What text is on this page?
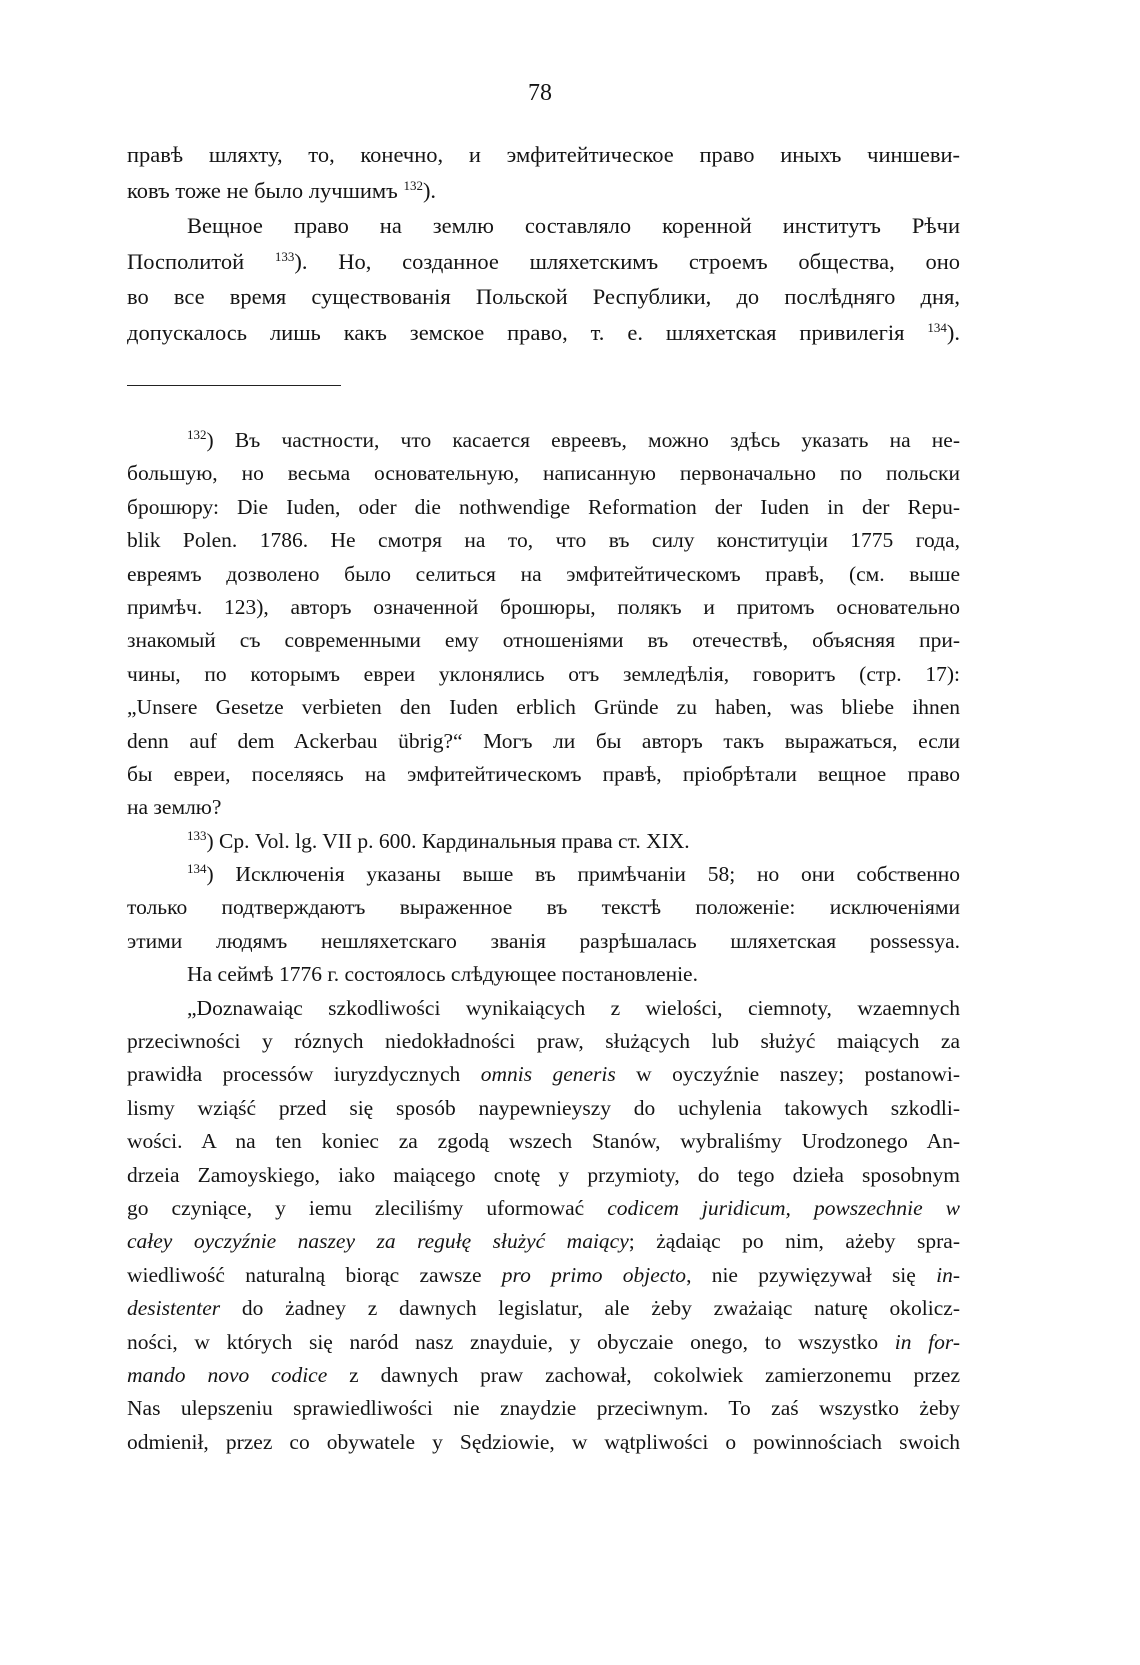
78
правѣ шляхту, то, конечно, и эмфитейтическое право иныхъ чиншеви-
ковъ тоже не было лучшимъ $^{132}$).
Вещное право на землю составляло коренной институтъ Рѣчи
Посполитой $^{133}$). Но, созданное шляхетскимъ строемъ общества, оно
во все время существованія Польской Республики, до послѣдняго дня,
допускалось лишь какъ земское право, т. е. шляхетская привилегія $^{134}$).
$^{132}$) Въ частности, что касается евреевъ, можно здѣсь указать на не-
большую, но весьма основательную, написанную первоначально по польски
брошюру: Die Iuden, oder die nothwendige Reformation der Iuden in der Repu-
blik Polen. 1786. Не смотря на то, что въ силу конституціи 1775 года,
евреямъ дозволено было селиться на эмфитейтическомъ правѣ, (см. выше
примѣч. 123), авторъ означенной брошюры, полякъ и притомъ основательно
знакомый съ современными ему отношеніями въ отечествѣ, объясняя при-
чины, по которымъ евреи уклонялись отъ земледѣлія, говоритъ (стр. 17):
„Unsere Gesetze verbieten den Iuden erblich Gründe zu haben, was bliebe ihnen
denn auf dem Ackerbau übrig?“ Могъ ли бы авторъ такъ выражаться, если
бы евреи, поселяясь на эмфитейтическомъ правѣ, пріобрѣтали вещное право
на землю?
$^{133}$) Ср. Vol. lg. VII p. 600. Кардинальныя права ст. XIX.
$^{134}$) Исключенія указаны выше въ примѣчаніи 58; но они собственно
только подтверждаютъ выраженное въ текстѣ положеніе: исключеніями
этими людямъ нешляхетскаго званія разрѣшалась шляхетская possessya.
На сеймѣ 1776 г. состоялось слѣдующее постановленіе.
„Doznawaiąc szkodliwości wynikaiących z wielości, ciemnoty, wzaemnych
przeciwności y róznych niedokładności praw, służących lub służyć maiących za
prawidła processów iuryzdycznych omnis generis w oyczyźnie naszey; postanowi-
lismy wziąść przed się sposób naypewnieyszy do uchylenia takowych szkodli-
wości. A na ten koniec za zgodą wszech Stanów, wybraliśmy Urodzonego An-
drzeia Zamoyskiego, iako maiącego cnotę y przymioty, do tego dzieła sposobnym
go czyniące, y iemu zleciliśmy uformować codicem juridicum, powszechnie w
całey oyczyźnie naszey za regułę służyć maiący; żądaiąc po nim, ażeby spra-
wiedliwość naturalną biorąc zawsze pro primo objecto, nie pzywięzywał się in-
desistenter do żadney z dawnych legislatur, ale żeby zważaiąc naturę okolicz-
ności, w których się naród nasz znayduie, y obyczaie onego, to wszystko in for-
mando novo codice z dawnych praw zachował, cokolwiek zamierzonemu przez
Nas ulepszeniu sprawiedliwości nie znaydzie przeciwnym. To zaś wszystko żeby
odmienił, przez co obywatele y Sędziowie, w wątpliwości o powinnościach swoich
